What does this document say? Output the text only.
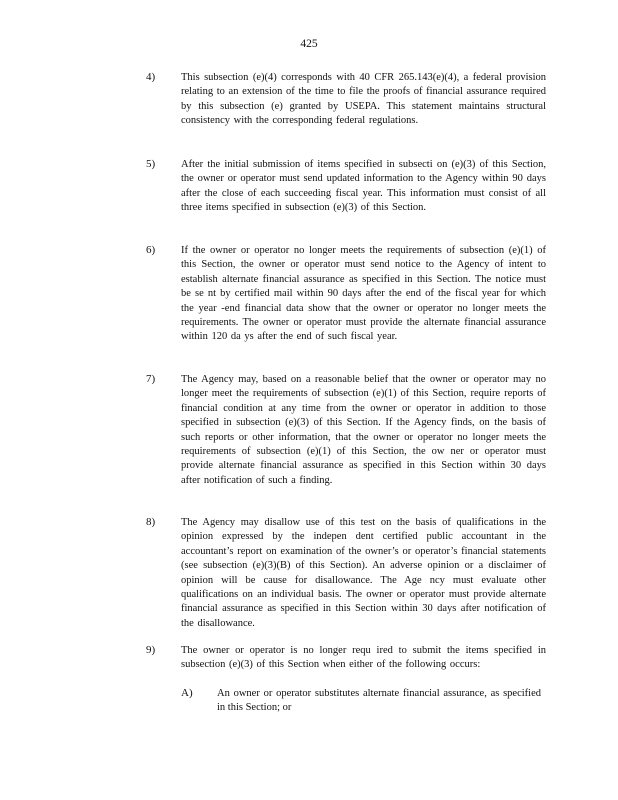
425
4) This subsection (e)(4) corresponds with 40 CFR 265.143(e)(4), a federal provision relating to an extension of the time to file the proofs of financial assurance required by this subsection (e) granted by USEPA. This statement maintains structural consistency with the corresponding federal regulations.
5) After the initial submission of items specified in subsecti on (e)(3) of this Section, the owner or operator must send updated information to the Agency within 90 days after the close of each succeeding fiscal year. This information must consist of all three items specified in subsection (e)(3) of this Section.
6) If the owner or operator no longer meets the requirements of subsection (e)(1) of this Section, the owner or operator must send notice to the Agency of intent to establish alternate financial assurance as specified in this Section. The notice must be se nt by certified mail within 90 days after the end of the fiscal year for which the year -end financial data show that the owner or operator no longer meets the requirements. The owner or operator must provide the alternate financial assurance within 120 da ys after the end of such fiscal year.
7) The Agency may, based on a reasonable belief that the owner or operator may no longer meet the requirements of subsection (e)(1) of this Section, require reports of financial condition at any time from the owner or operator in addition to those specified in subsection (e)(3) of this Section. If the Agency finds, on the basis of such reports or other information, that the owner or operator no longer meets the requirements of subsection (e)(1) of this Section, the ow ner or operator must provide alternate financial assurance as specified in this Section within 30 days after notification of such a finding.
8) The Agency may disallow use of this test on the basis of qualifications in the opinion expressed by the indepen dent certified public accountant in the accountant’s report on examination of the owner’s or operator’s financial statements (see subsection (e)(3)(B) of this Section). An adverse opinion or a disclaimer of opinion will be cause for disallowance. The Age ncy must evaluate other qualifications on an individual basis. The owner or operator must provide alternate financial assurance as specified in this Section within 30 days after notification of the disallowance.
9) The owner or operator is no longer requ ired to submit the items specified in subsection (e)(3) of this Section when either of the following occurs:
A) An owner or operator substitutes alternate financial assurance, as specified in this Section; or
